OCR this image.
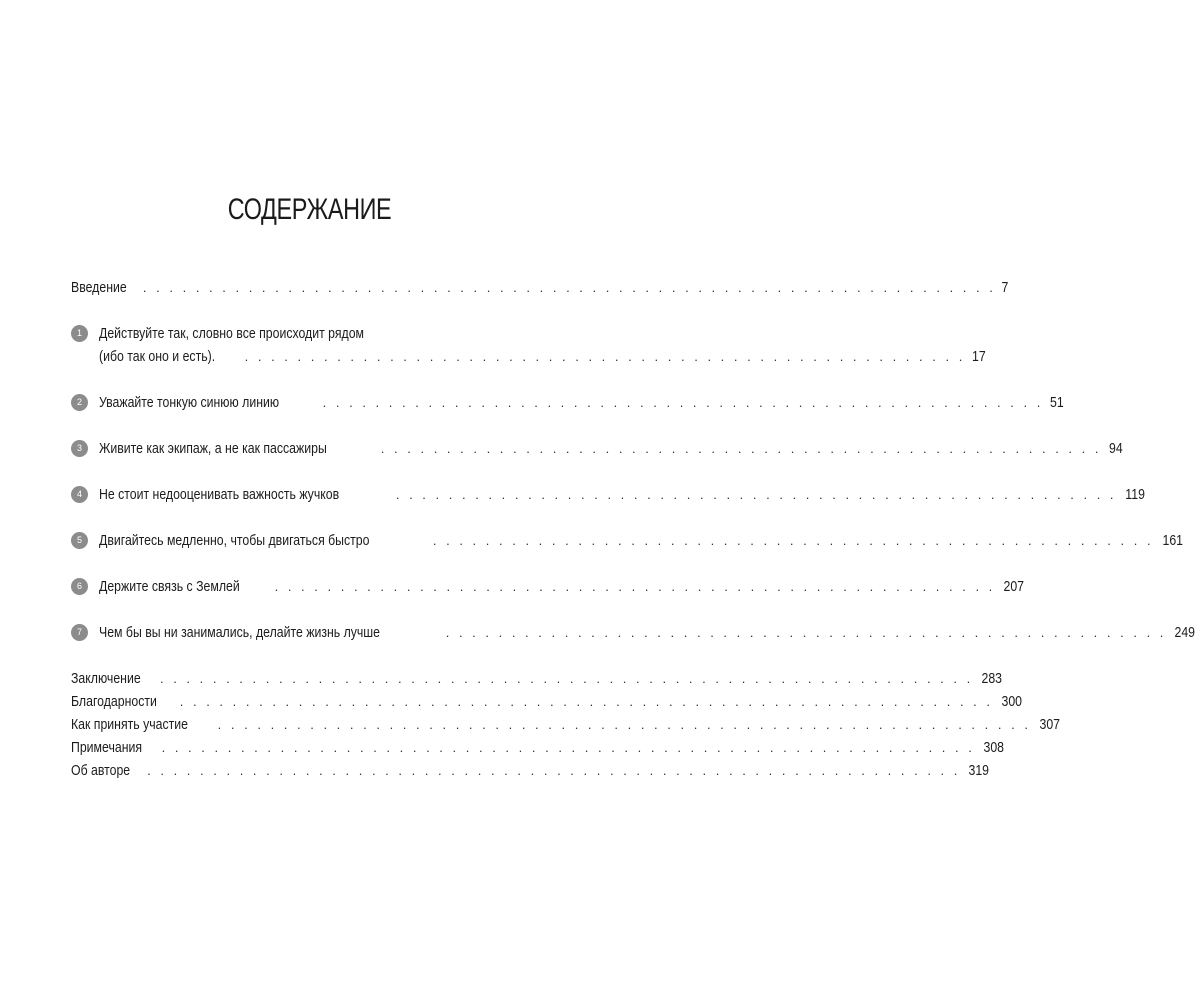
СОДЕРЖАНИЕ
Введение . . . . . . . . . . . . . . . . . . . . . . . . . . . . . . . . . . . . . . . . . . . . . . . . . . . . . . . . . . . . . . . . . 7
1	Действуйте так, словно все происходит рядом
(ибо так оно и есть). . . . . . . . . . . . . . . . . . . . . . . . . . . . . . . . . . . . . . . . . . . . . . . . . . . . . . . . 17
2	Уважайте тонкую синюю линию	. . . . . . . . . . . . . . . . . . . . . . . . . . . . . . . . . . . . . . . . . . . . . . . . . . . . . . . 51
3	Живите как экипаж, а не как пассажиры	. . . . . . . . . . . . . . . . . . . . . . . . . . . . . . . . . . . . . . . . . . . . . . . . . . . . . . . 94
4	Не стоит недооценивать важность жучков	. . . . . . . . . . . . . . . . . . . . . . . . . . . . . . . . . . . . . . . . . . . . . . . . . . . . . . . 119
5	Двигайтесь медленно, чтобы двигаться быстро	. . . . . . . . . . . . . . . . . . . . . . . . . . . . . . . . . . . . . . . . . . . . . . . . . . . . . . . 161
6	Держите связь с Землей	. . . . . . . . . . . . . . . . . . . . . . . . . . . . . . . . . . . . . . . . . . . . . . . . . . . . . . . 207
7	Чем бы вы ни занимались, делайте жизнь лучше	. . . . . . . . . . . . . . . . . . . . . . . . . . . . . . . . . . . . . . . . . . . . . . . . . . . . . . . 249
Заключение . . . . . . . . . . . . . . . . . . . . . . . . . . . . . . . . . . . . . . . . . . . . . . . . . . . . . . . . . . . . . . 283
Благодарности . . . . . . . . . . . . . . . . . . . . . . . . . . . . . . . . . . . . . . . . . . . . . . . . . . . . . . . . . . . . . . 300
Как принять участие . . . . . . . . . . . . . . . . . . . . . . . . . . . . . . . . . . . . . . . . . . . . . . . . . . . . . . . . . . . . . . 307
Примечания . . . . . . . . . . . . . . . . . . . . . . . . . . . . . . . . . . . . . . . . . . . . . . . . . . . . . . . . . . . . . . 308
Об авторе . . . . . . . . . . . . . . . . . . . . . . . . . . . . . . . . . . . . . . . . . . . . . . . . . . . . . . . . . . . . . . 319
